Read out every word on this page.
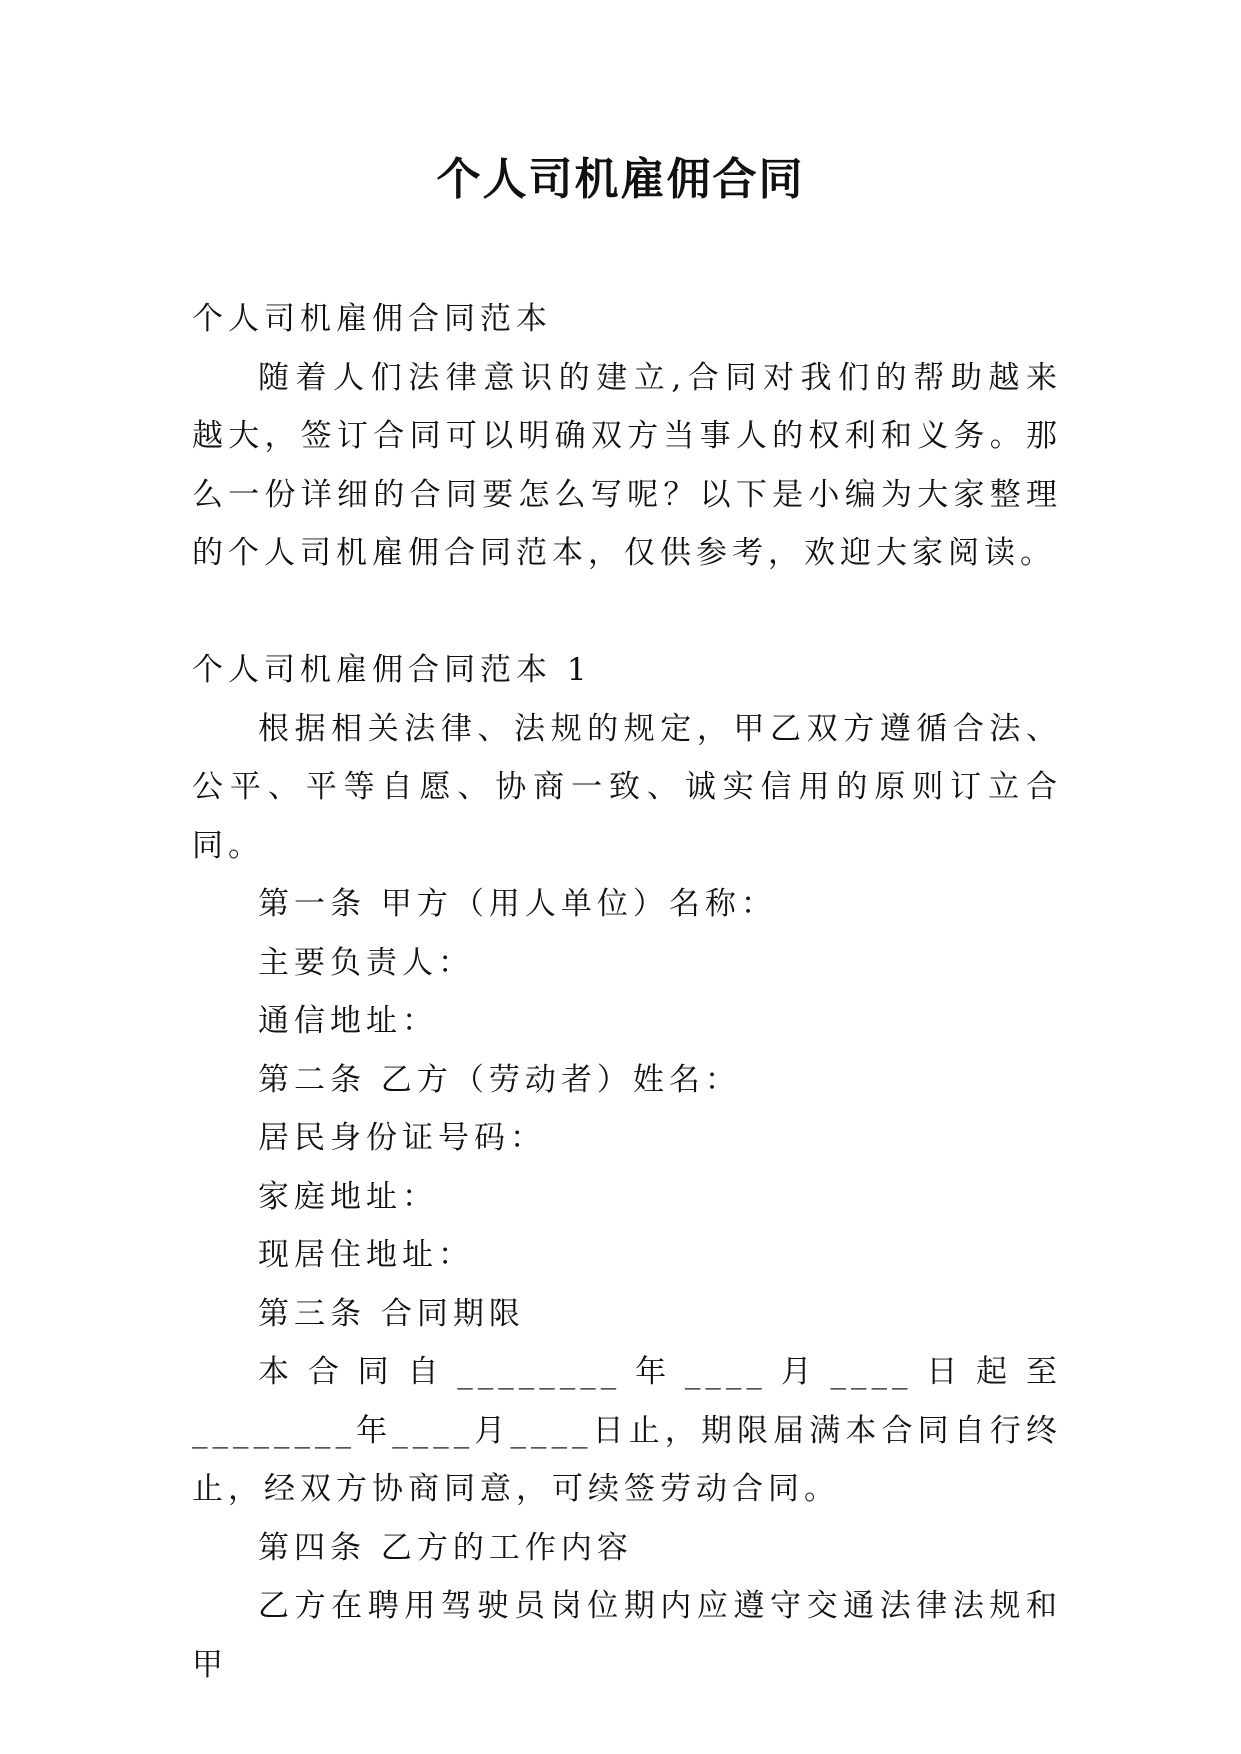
个人司机雇佣合同

个人司机雇佣合同范本

随着人们法律意识的建立,合同对我们的帮助越来越大，签订合同可以明确双方当事人的权利和义务。那么一份详细的合同要怎么写呢？以下是小编为大家整理的个人司机雇佣合同范本，仅供参考，欢迎大家阅读。

个人司机雇佣合同范本 1

根据相关法律、法规的规定，甲乙双方遵循合法、公平、平等自愿、协商一致、诚实信用的原则订立合同。

第一条 甲方（用人单位）名称：

主要负责人：

通信地址：

第二条 乙方（劳动者）姓名：

居民身份证号码：

家庭地址：

现居住地址：

第三条 合同期限

本合同自________年____月____日起至________年____月____日止，期限届满本合同自行终止，经双方协商同意，可续签劳动合同。

第四条 乙方的工作内容

乙方在聘用驾驶员岗位期内应遵守交通法律法规和甲
